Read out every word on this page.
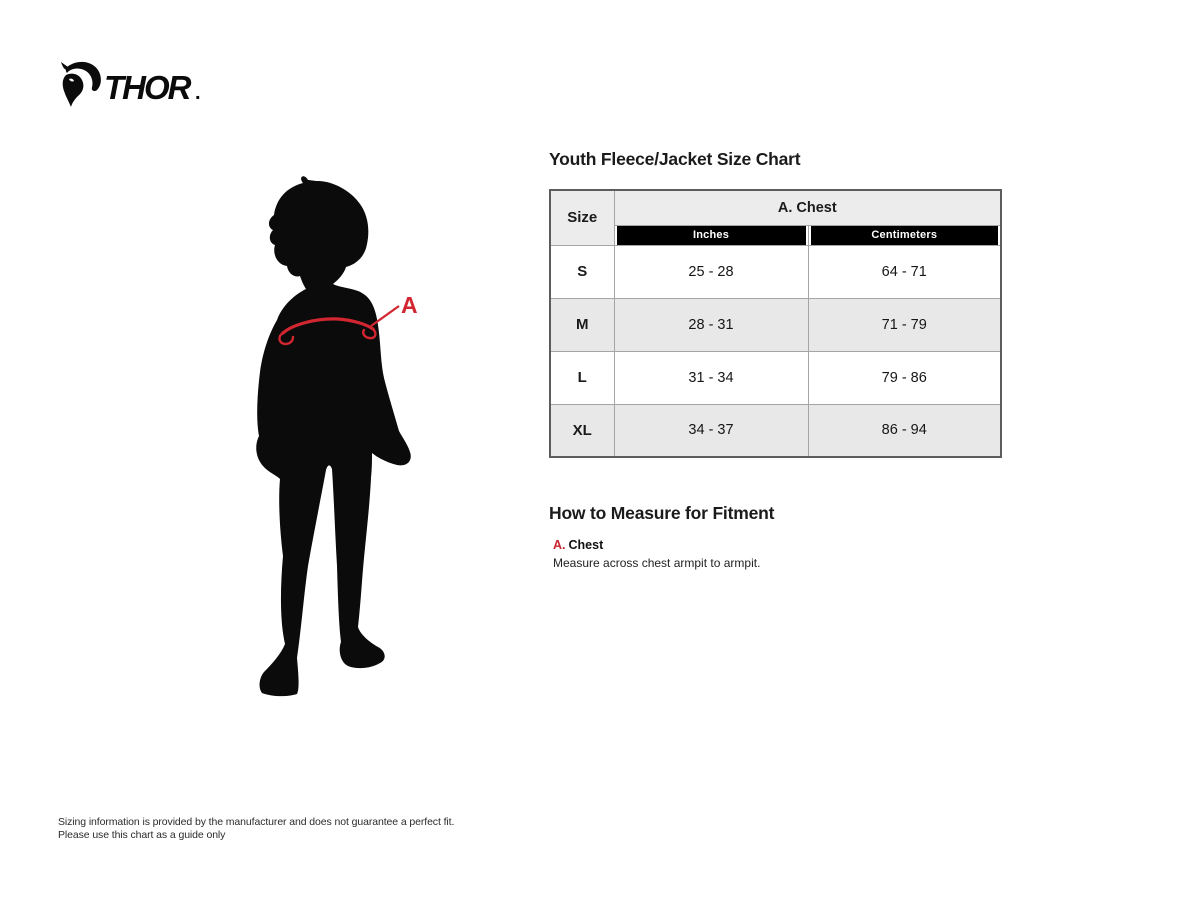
THOR .
A
Youth Fleece/Jacket Size Chart
Size	A. Chest	

	Inches	Centimeters

S	25 - 28	64 - 71
M	28 - 31	71 - 79
L	31 - 34	79 - 86
XL	34 - 37	86 - 94
How to Measure for Fitment
A. Chest
Measure across chest armpit to armpit.
Sizing information is provided by the manufacturer and does not guarantee a perfect fit.
Please use this chart as a guide only
